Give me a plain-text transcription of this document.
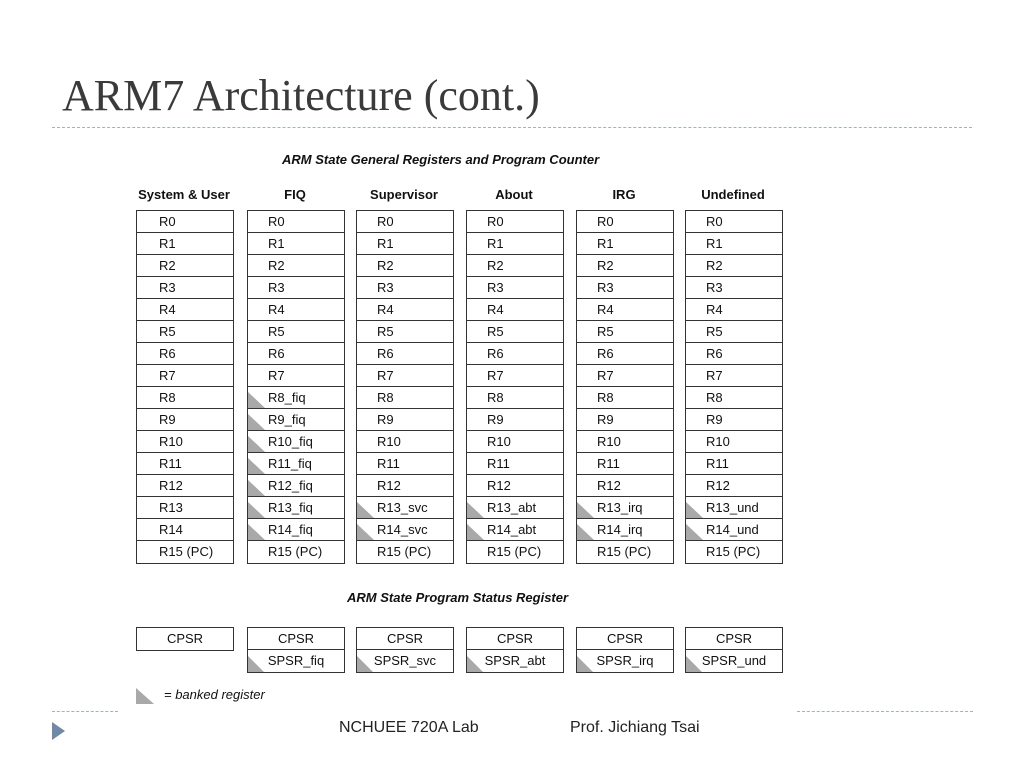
ARM7 Architecture (cont.)
ARM State General Registers and Program Counter
System & User
R0
R1
R2
R3
R4
R5
R6
R7
R8
R9
R10
R11
R12
R13
R14
R15 (PC)
CPSR
FIQ
R0
R1
R2
R3
R4
R5
R6
R7
R8_fiq
R9_fiq
R10_fiq
R11_fiq
R12_fiq
R13_fiq
R14_fiq
R15 (PC)
CPSR
SPSR_fiq
Supervisor
R0
R1
R2
R3
R4
R5
R6
R7
R8
R9
R10
R11
R12
R13_svc
R14_svc
R15 (PC)
CPSR
SPSR_svc
About
R0
R1
R2
R3
R4
R5
R6
R7
R8
R9
R10
R11
R12
R13_abt
R14_abt
R15 (PC)
CPSR
SPSR_abt
IRG
R0
R1
R2
R3
R4
R5
R6
R7
R8
R9
R10
R11
R12
R13_irq
R14_irq
R15 (PC)
CPSR
SPSR_irq
Undefined
R0
R1
R2
R3
R4
R5
R6
R7
R8
R9
R10
R11
R12
R13_und
R14_und
R15 (PC)
CPSR
SPSR_und
ARM State Program Status Register
= banked register
NCHUEE 720A Lab	Prof. Jichiang Tsai
